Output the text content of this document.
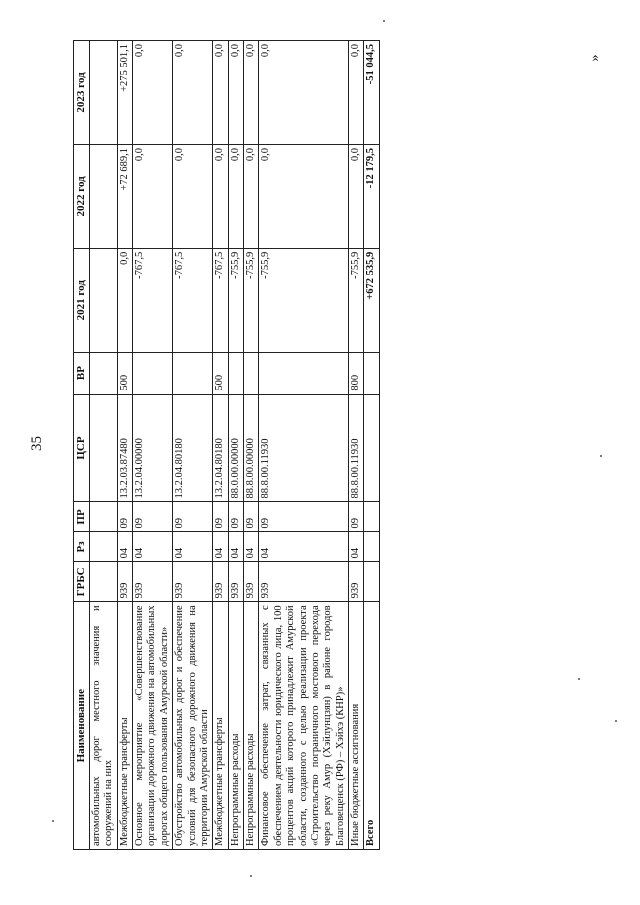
35
»
Наименование	ГРБС	Рз	ПР	ЦСР	ВР	2021 год	2022 год	2023 год
автомобильных дорог местного значения и сооружений на них								
Межбюджетные трансферты	939	04	09	13.2.03.87480	500	0,0	+72 689,1	+275 501,1
Основное мероприятие «Совершенствование организации дорожного движения на автомобильных дорогах общего пользования Амурской области»	939	04	09	13.2.04.00000		-767,5	0,0	0,0
Обустройство автомобильных дорог и обеспечение условий для безопасного дорожного движения на территории Амурской области	939	04	09	13.2.04.80180		-767,5	0,0	0,0
Межбюджетные трансферты	939	04	09	13.2.04.80180	500	-767,5	0,0	0,0
Непрограммные расходы	939	04	09	88.0.00.00000		-755,9	0,0	0,0
Непрограммные расходы	939	04	09	88.8.00.00000		-755,9	0,0	0,0
Финансовое обеспечение затрат, связанных с обеспечением деятельности юридического лица, 100 процентов акций которого принадлежит Амурской области, созданного с целью реализации проекта «Строительство пограничного мостового перехода через реку Амур (Хэйлунцзян) в районе городов Благовещенск (РФ) – Хэйхэ (КНР)»	939	04	09	88.8.00.11930		-755,9	0,0	0,0
Иные бюджетные ассигнования	939	04	09	88.8.00.11930	800	-755,9	0,0	0,0
Всего						+672 535,9	-12 179,5	-51 044,5
